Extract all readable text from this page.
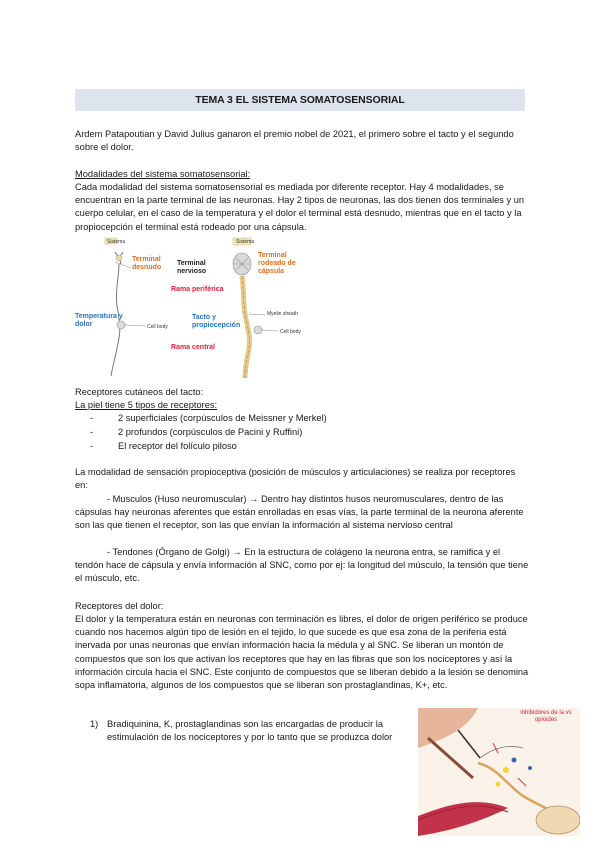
TEMA 3 EL SISTEMA SOMATOSENSORIAL
Ardem Patapoutian y David Julius ganaron el premio nobel de 2021, el primero sobre el tacto y el segundo sobre el dolor.
Modalidades del sistema somatosensorial:
Cada modalidad del sistema somatosensorial es mediada por diferente receptor. Hay 4 modalidades, se encuentran en la parte terminal de las neuronas. Hay 2 tipos de neuronas, las dos tienen dos terminales y un cuerpo celular, en el caso de la temperatura y el dolor el terminal está desnudo, mientras que en el tacto y la propiocepción el terminal está rodeado por una cápsula.
Sistema
Terminal desnudo
Temperatura y dolor	Cell body
Sistema
Terminal nervioso
Terminal rodeado de cápsula
Rama periférica
Myelin sheath
Tacto y propiocepción
Cell body
Rama central
Receptores cutáneos del tacto:
La piel tiene 5 tipos de receptores:
-	2 superficiales (corpúsculos de Meissner y Merkel)
-	2 profundos (corpúsculos de Pacini y Ruffini)
-	El receptor del folículo piloso
La modalidad de sensación propioceptiva (posición de músculos y articulaciones) se realiza por receptores en:
- Musculos (Huso neuromuscular) → Dentro hay distintos husos neuromusculares, dentro de las cápsulas hay neuronas aferentes que están enrolladas en esas vías, la parte terminal de la neurona aferente son las que tienen el receptor, son las que envían la información al sistema nervioso central
- Tendones (Órgano de Golgi) → En la estructura de colágeno la neurona entra, se ramifica y el tendón hace de cápsula y envía información al SNC, como por ej: la longitud del músculo, la tensión que tiene el músculo, etc.
Receptores del dolor:
El dolor y la temperatura están en neuronas con terminación es libres, el dolor de origen periférico se produce cuando nos hacemos algún tipo de lesión en el tejido, lo que sucede es que esa zona de la periferia está inervada por unas neuronas que envían información hacia la médula y al SNC. Se liberan un montón de compuestos que son los que activan los receptores que hay en las fibras que son los nociceptores y así la información circula hacia el SNC. Este conjunto de compuestos que se liberan debido a la lesión se denomina sopa inflamatoria, algunos de los compuestos que se liberan son prostaglandinas, K+, etc.
1) Bradiquinina, K, prostaglandinas son las encargadas de producir la estimulación de los nociceptores y por lo tanto que se produzca dolor
inhibidores de la vs opioides
